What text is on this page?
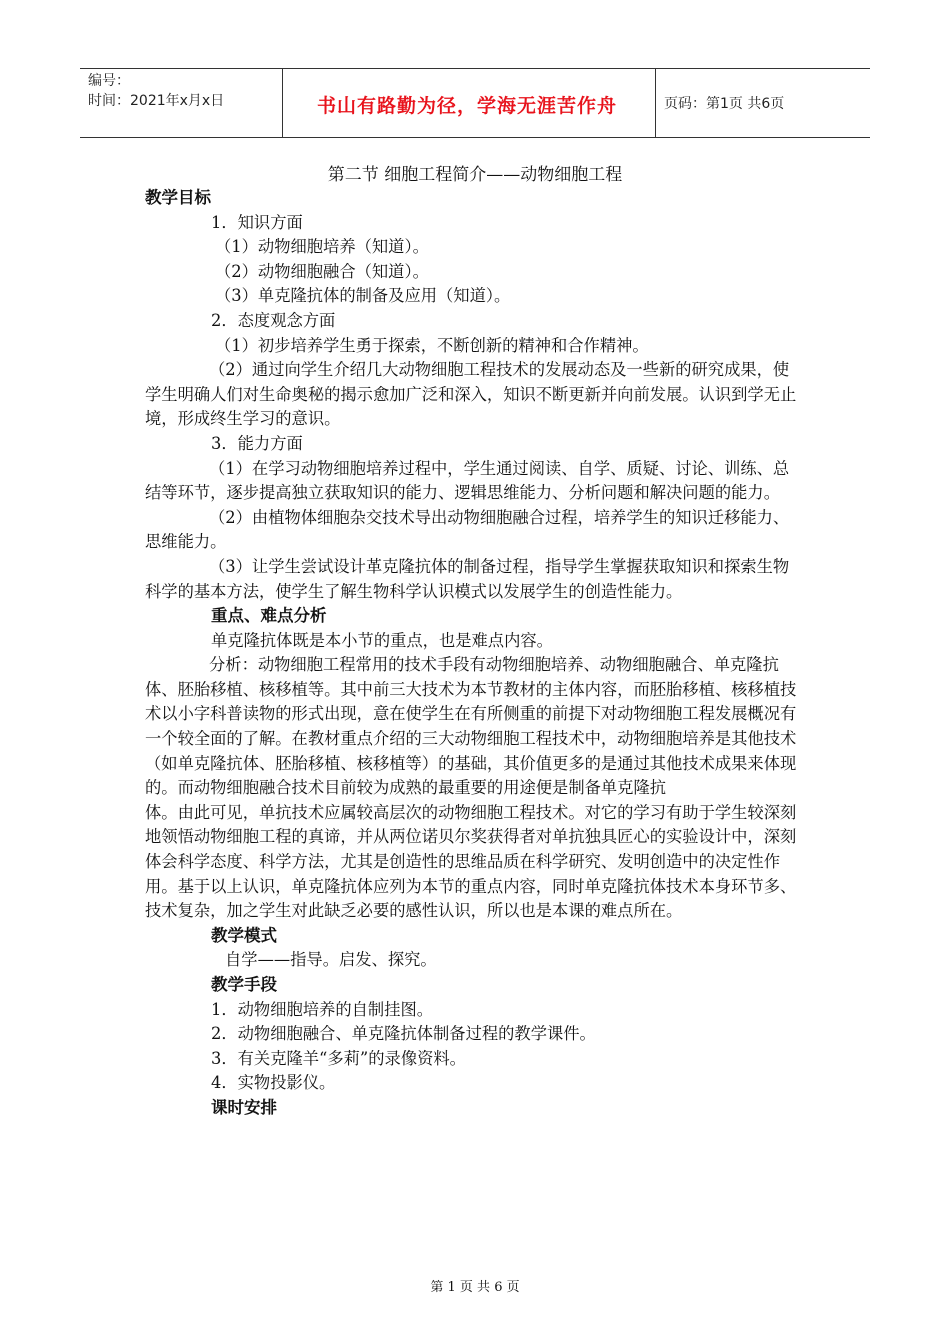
编号：
时间：2021年x月x日	书山有路勤为径，学海无涯苦作舟	页码：第1页 共6页
第二节 细胞工程简介——动物细胞工程

教学目标

1．知识方面

（1）动物细胞培养（知道）。

（2）动物细胞融合（知道）。

（3）单克隆抗体的制备及应用（知道）。

2．态度观念方面

（1）初步培养学生勇于探索，不断创新的精神和合作精神。

（2）通过向学生介绍几大动物细胞工程技术的发展动态及一些新的研究成果，使学生明确人们对生命奥秘的揭示愈加广泛和深入，知识不断更新并向前发展。认识到学无止境，形成终生学习的意识。

3．能力方面

（1）在学习动物细胞培养过程中，学生通过阅读、自学、质疑、讨论、训练、总结等环节，逐步提高独立获取知识的能力、逻辑思维能力、分析问题和解决问题的能力。

（2）由植物体细胞杂交技术导出动物细胞融合过程，培养学生的知识迁移能力、思维能力。

（3）让学生尝试设计革克隆抗体的制备过程，指导学生掌握获取知识和探索生物科学的基本方法，使学生了解生物科学认识模式以发展学生的创造性能力。

重点、难点分析

单克隆抗体既是本小节的重点，也是难点内容。

分析：动物细胞工程常用的技术手段有动物细胞培养、动物细胞融合、单克隆抗体、胚胎移植、核移植等。其中前三大技术为本节教材的主体内容，而胚胎移植、核移植技术以小字科普读物的形式出现，意在使学生在有所侧重的前提下对动物细胞工程发展概况有一个较全面的了解。在教材重点介绍的三大动物细胞工程技术中，动物细胞培养是其他技术（如单克隆抗体、胚胎移植、核移植等）的基础，其价值更多的是通过其他技术成果来体现的。而动物细胞融合技术目前较为成熟的最重要的用途便是制备单克隆抗

体。由此可见，单抗技术应属较高层次的动物细胞工程技术。对它的学习有助于学生较深刻地领悟动物细胞工程的真谛，并从两位诺贝尔奖获得者对单抗独具匠心的实验设计中，深刻体会科学态度、科学方法，尤其是创造性的思维品质在科学研究、发明创造中的决定性作用。基于以上认识，单克隆抗体应列为本节的重点内容，同时单克隆抗体技术本身环节多、技术复杂，加之学生对此缺乏必要的感性认识，所以也是本课的难点所在。

教学模式

自学——指导。启发、探究。

教学手段

1．动物细胞培养的自制挂图。

2．动物细胞融合、单克隆抗体制备过程的教学课件。

3．有关克隆羊“多莉”的录像资料。

4．实物投影仪。

课时安排

第 1 页 共 6 页
